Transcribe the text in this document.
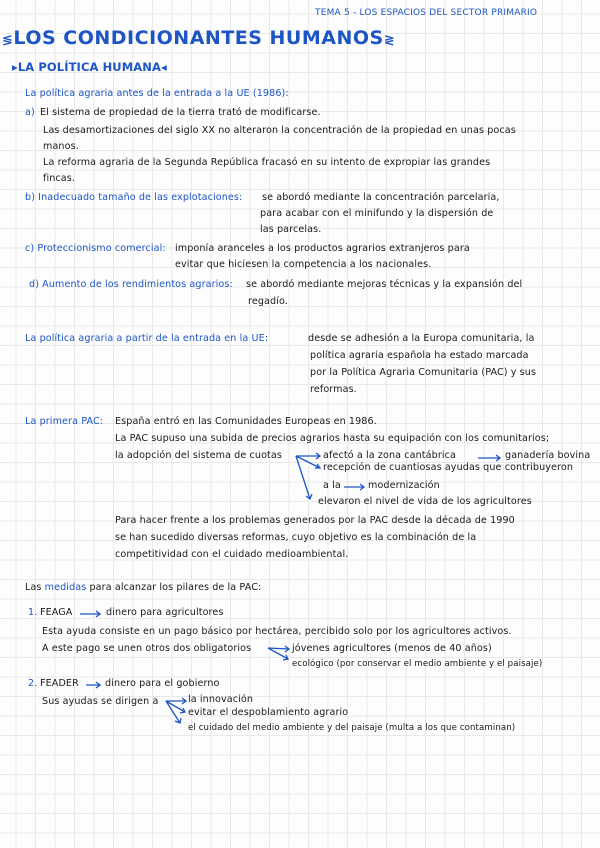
TEMA 5 - LOS ESPACIOS DEL SECTOR PRIMARIO
≶LOS CONDICIONANTES HUMANOS≷
▸LA POLÍTICA HUMANA◂
La política agraria antes de la entrada a la UE (1986):
a) El sistema de propiedad de la tierra trató de modificarse.
Las desamortizaciones del siglo XX no alteraron la concentración de la propiedad en unas pocas
manos.
La reforma agraria de la Segunda República fracasó en su intento de expropiar las grandes
fincas.
b) Inadecuado tamaño de las explotaciones: se abordó mediante la concentración parcelaria,
para acabar con el minifundo y la dispersión de
las parcelas.
c) Proteccionismo comercial: imponía aranceles a los productos agrarios extranjeros para
evitar que hiciesen la competencia a los nacionales.
d) Aumento de los rendimientos agrarios: se abordó mediante mejoras técnicas y la expansión del
regadío.
La política agraria a partir de la entrada en la UE:	desde se adhesión a la Europa comunitaria, la
política agraria española ha estado marcada
por la Política Agraria Comunitaria (PAC) y sus
reformas.
La primera PAC: España entró en las Comunidades Europeas en 1986.
La PAC supuso una subida de precios agrarios hasta su equipación con los comunitarios;
la adopción del sistema de cuotas	afectó a la zona cantábrica	ganadería bovina
recepción de cuantiosas ayudas que contribuyeron
a la	modernización
elevaron el nivel de vida de los agricultores
Para hacer frente a los problemas generados por la PAC desde la década de 1990
se han sucedido diversas reformas, cuyo objetivo es la combinación de la
competitividad con el cuidado medioambiental.
Las medidas para alcanzar los pilares de la PAC:
1. FEAGA	dinero para agricultores
Esta ayuda consiste en un pago básico por hectárea, percibido solo por los agricultores activos.
A este pago se unen otros dos obligatorios	jóvenes agricultores (menos de 40 años)
ecológico (por conservar el medio ambiente y el paisaje)
2. FEADER	dinero para el gobierno
Sus ayudas se dirigen a	la innovación
evitar el despoblamiento agrario
el cuidado del medio ambiente y del paisaje (multa a los que contaminan)
